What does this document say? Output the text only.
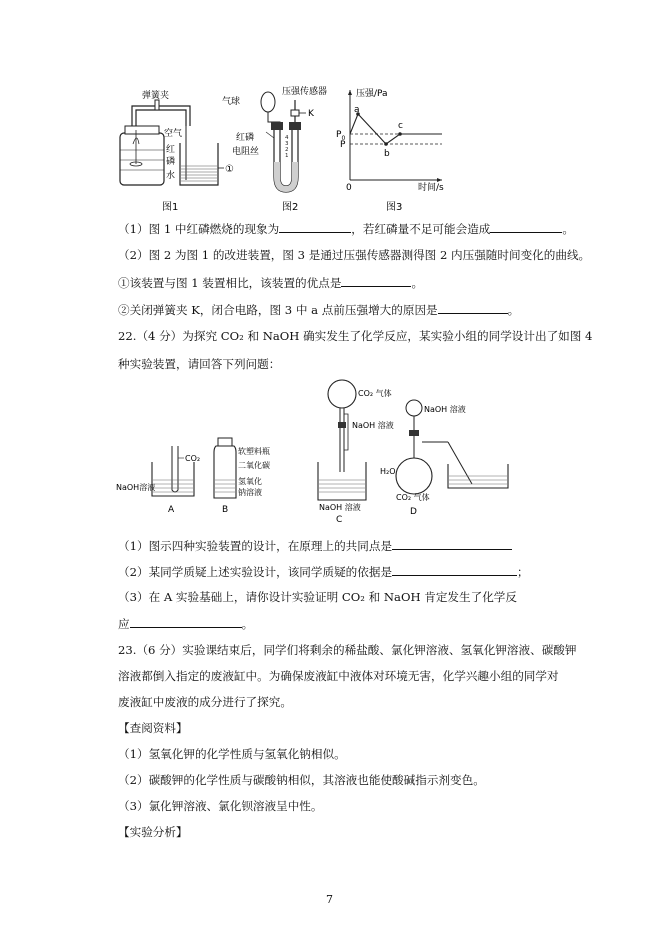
弹簧夹
空气
红
磷
水
①
图1
4
3
2
1
气球
压强传感器
K
红磷
电阻丝
图2
压强/Pa
a
b
c
$P_0$
P
0	时间/s
图3
（1）图 1 中红磷燃烧的现象为	，若红磷量不足可能会造成	。
（2）图 2 为图 1 的改进装置，图 3 是通过压强传感器测得图 2 内压强随时间变化的曲线。
①该装置与图 1 装置相比，该装置的优点是	。
②关闭弹簧夹 K，闭合电路，图 3 中 a 点前压强增大的原因是	。
22.（4 分）为探究 CO₂ 和 NaOH 确实发生了化学反应，某实验小组的同学设计出了如图 4
种实验装置，请回答下列问题：
CO₂
NaOH溶液
A
软塑料瓶
二氧化碳
氢氧化
钠溶液
B
CO₂ 气体
NaOH 溶液
NaOH 溶液
C
NaOH 溶液
H₂O
CO₂ 气体
D
（1）图示四种实验装置的设计，在原理上的共同点是
（2）某同学质疑上述实验设计，该同学质疑的依据是	；
（3）在 A 实验基础上，请你设计实验证明 CO₂ 和 NaOH 肯定发生了化学反
应	。
23.（6 分）实验课结束后，同学们将剩余的稀盐酸、氯化钾溶液、氢氧化钾溶液、碳酸钾
溶液都倒入指定的废液缸中。为确保废液缸中液体对环境无害，化学兴趣小组的同学对
废液缸中废液的成分进行了探究。
【查阅资料】
（1）氢氧化钾的化学性质与氢氧化钠相似。
（2）碳酸钾的化学性质与碳酸钠相似，其溶液也能使酸碱指示剂变色。
（3）氯化钾溶液、氯化钡溶液呈中性。
【实验分析】
7
